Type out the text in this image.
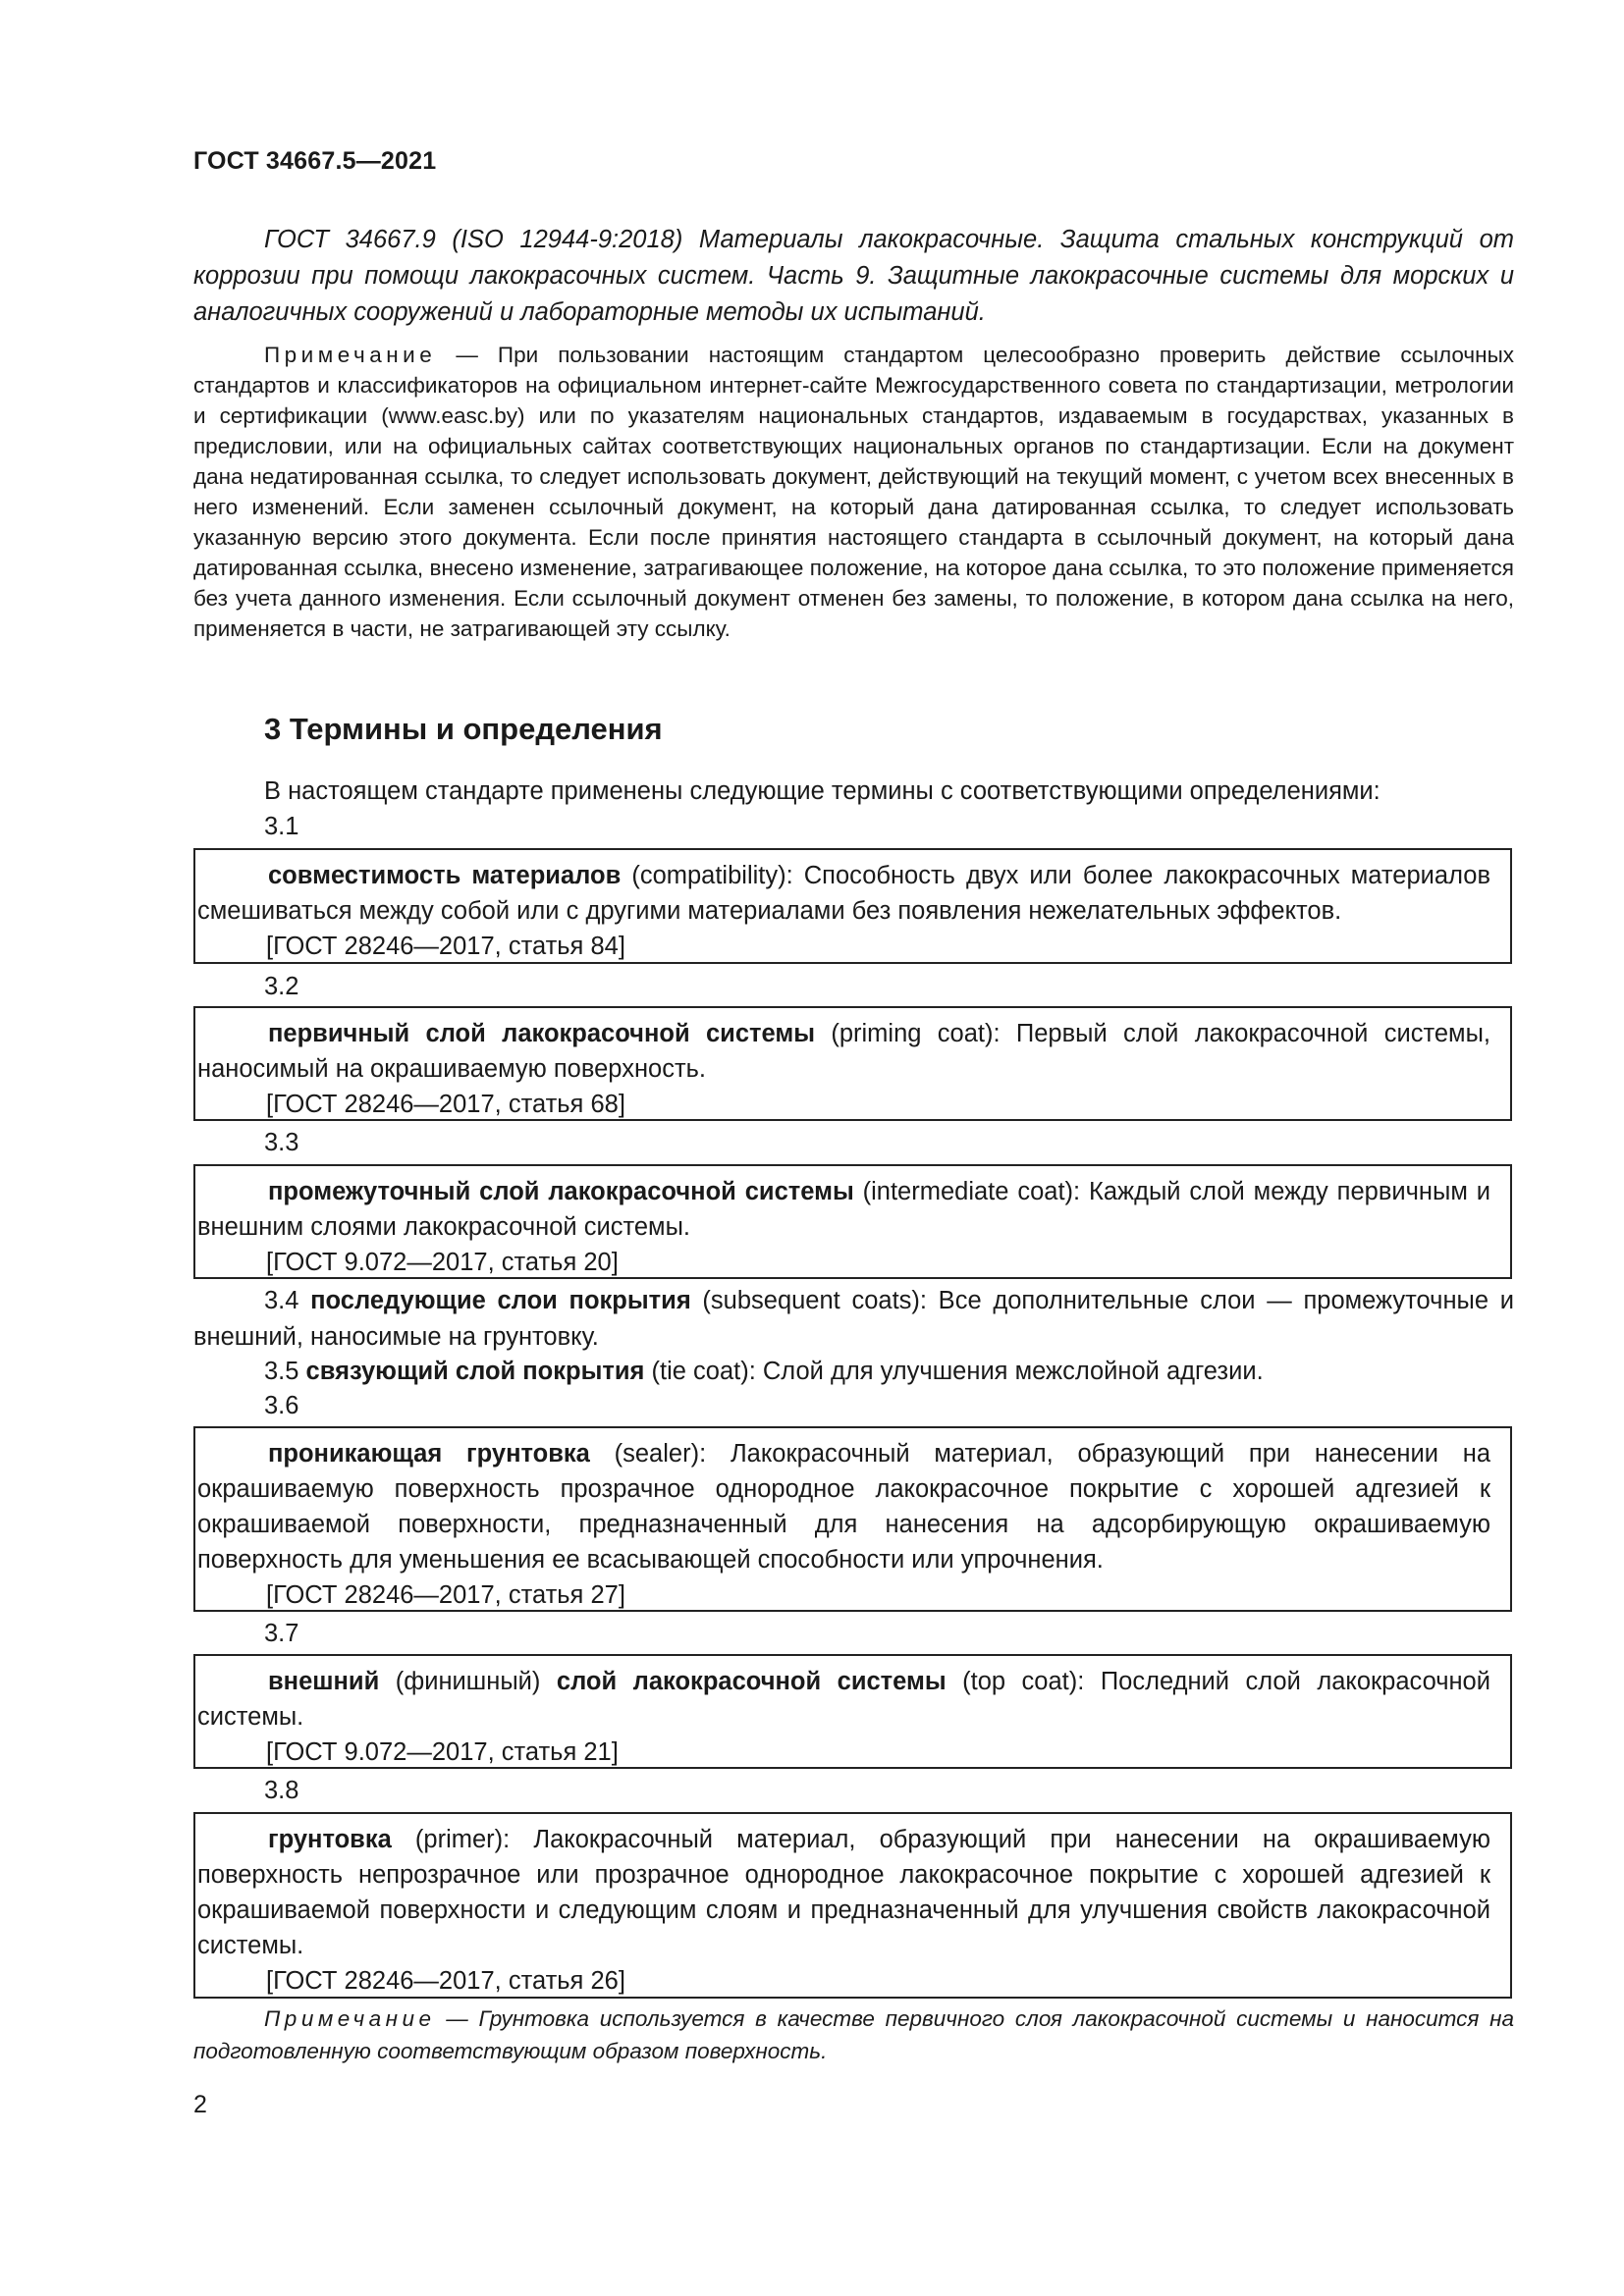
ГОСТ 34667.5—2021
ГОСТ 34667.9 (ISO 12944-9:2018) Материалы лакокрасочные. Защита стальных конструкций от коррозии при помощи лакокрасочных систем. Часть 9. Защитные лакокрасочные системы для морских и аналогичных сооружений и лабораторные методы их испытаний.
Примечание — При пользовании настоящим стандартом целесообразно проверить действие ссылочных стандартов и классификаторов на официальном интернет-сайте Межгосударственного совета по стандартизации, метрологии и сертификации (www.easc.by) или по указателям национальных стандартов, издаваемым в государствах, указанных в предисловии, или на официальных сайтах соответствующих национальных органов по стандартизации. Если на документ дана недатированная ссылка, то следует использовать документ, действующий на текущий момент, с учетом всех внесенных в него изменений. Если заменен ссылочный документ, на который дана датированная ссылка, то следует использовать указанную версию этого документа. Если после принятия настоящего стандарта в ссылочный документ, на который дана датированная ссылка, внесено изменение, затрагивающее положение, на которое дана ссылка, то это положение применяется без учета данного изменения. Если ссылочный документ отменен без замены, то положение, в котором дана ссылка на него, применяется в части, не затрагивающей эту ссылку.
3 Термины и определения
В настоящем стандарте применены следующие термины с соответствующими определениями:
3.1
совместимость материалов (compatibility): Способность двух или более лакокрасочных материалов смешиваться между собой или с другими материалами без появления нежелательных эффектов.
[ГОСТ 28246—2017, статья 84]
3.2
первичный слой лакокрасочной системы (priming coat): Первый слой лакокрасочной системы, наносимый на окрашиваемую поверхность.
[ГОСТ 28246—2017, статья 68]
3.3
промежуточный слой лакокрасочной системы (intermediate coat): Каждый слой между первичным и внешним слоями лакокрасочной системы.
[ГОСТ 9.072—2017, статья 20]
3.4 последующие слои покрытия (subsequent coats): Все дополнительные слои — промежуточные и внешний, наносимые на грунтовку.
3.5 связующий слой покрытия (tie coat): Слой для улучшения межслойной адгезии.
3.6
проникающая грунтовка (sealer): Лакокрасочный материал, образующий при нанесении на окрашиваемую поверхность прозрачное однородное лакокрасочное покрытие с хорошей адгезией к окрашиваемой поверхности, предназначенный для нанесения на адсорбирующую окрашиваемую поверхность для уменьшения ее всасывающей способности или упрочнения.
[ГОСТ 28246—2017, статья 27]
3.7
внешний (финишный) слой лакокрасочной системы (top coat): Последний слой лакокрасочной системы.
[ГОСТ 9.072—2017, статья 21]
3.8
грунтовка (primer): Лакокрасочный материал, образующий при нанесении на окрашиваемую поверхность непрозрачное или прозрачное однородное лакокрасочное покрытие с хорошей адгезией к окрашиваемой поверхности и следующим слоям и предназначенный для улучшения свойств лакокрасочной системы.
[ГОСТ 28246—2017, статья 26]
Примечание — Грунтовка используется в качестве первичного слоя лакокрасочной системы и наносится на подготовленную соответствующим образом поверхность.
2
